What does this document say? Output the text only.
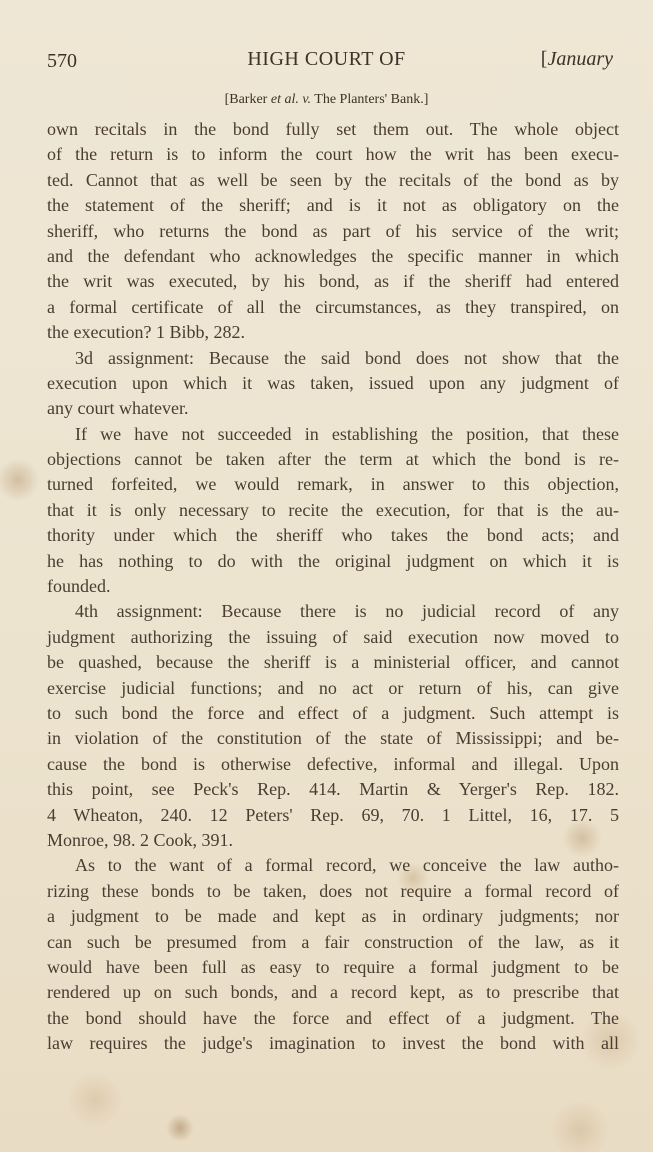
570	HIGH COURT OF	[January
[Barker et al. v. The Planters' Bank.]
own recitals in the bond fully set them out. The whole object
of the return is to inform the court how the writ has been execu-
ted. Cannot that as well be seen by the recitals of the bond as by
the statement of the sheriff; and is it not as obligatory on the
sheriff, who returns the bond as part of his service of the writ;
and the defendant who acknowledges the specific manner in which
the writ was executed, by his bond, as if the sheriff had entered
a formal certificate of all the circumstances, as they transpired, on
the execution? 1 Bibb, 282.
3d assignment: Because the said bond does not show that the
execution upon which it was taken, issued upon any judgment of
any court whatever.
If we have not succeeded in establishing the position, that these
objections cannot be taken after the term at which the bond is re-
turned forfeited, we would remark, in answer to this objection,
that it is only necessary to recite the execution, for that is the au-
thority under which the sheriff who takes the bond acts; and
he has nothing to do with the original judgment on which it is
founded.
4th assignment: Because there is no judicial record of any
judgment authorizing the issuing of said execution now moved to
be quashed, because the sheriff is a ministerial officer, and cannot
exercise judicial functions; and no act or return of his, can give
to such bond the force and effect of a judgment. Such attempt is
in violation of the constitution of the state of Mississippi; and be-
cause the bond is otherwise defective, informal and illegal. Upon
this point, see Peck's Rep. 414. Martin & Yerger's Rep. 182.
4 Wheaton, 240. 12 Peters' Rep. 69, 70. 1 Littel, 16, 17. 5
Monroe, 98. 2 Cook, 391.
As to the want of a formal record, we conceive the law autho-
rizing these bonds to be taken, does not require a formal record of
a judgment to be made and kept as in ordinary judgments; nor
can such be presumed from a fair construction of the law, as it
would have been full as easy to require a formal judgment to be
rendered up on such bonds, and a record kept, as to prescribe that
the bond should have the force and effect of a judgment. The
law requires the judge's imagination to invest the bond with all
